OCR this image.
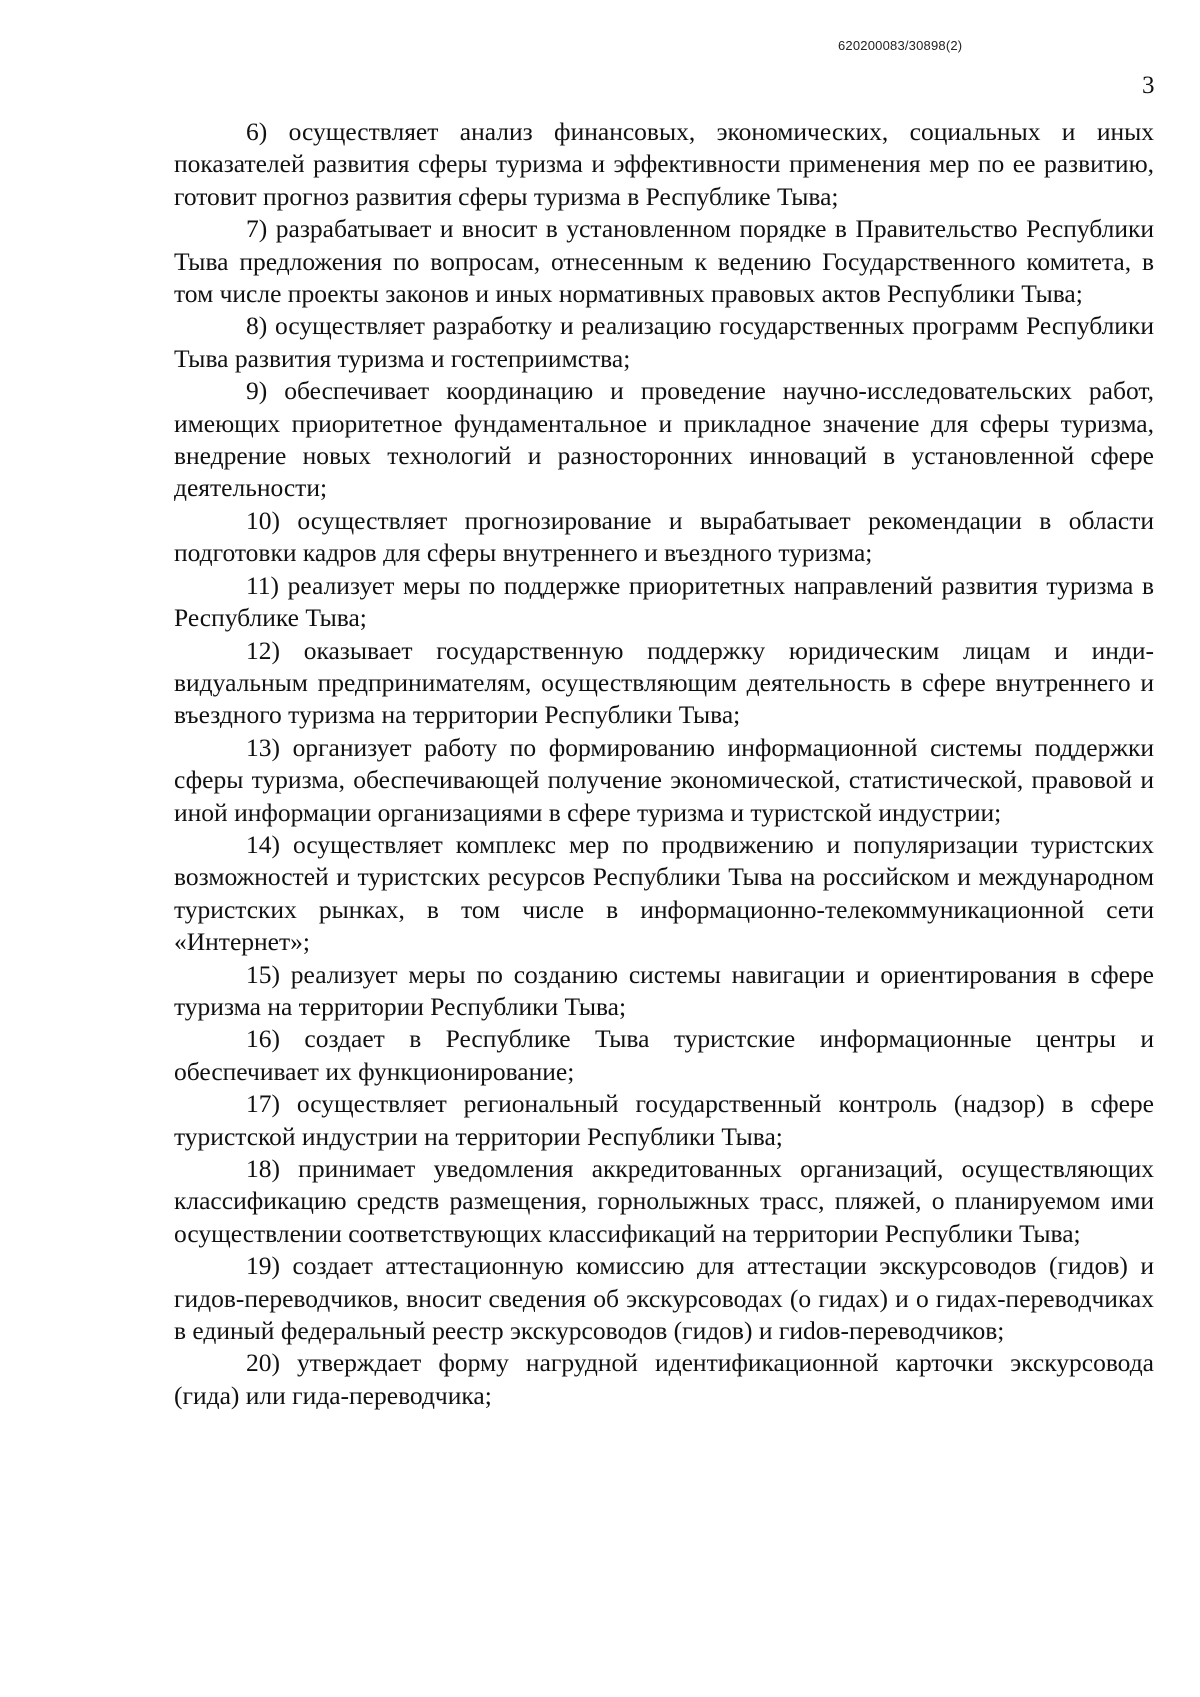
620200083/30898(2)
3

6) осуществляет анализ финансовых, экономических, социальных и иных показателей развития сферы туризма и эффективности применения мер по ее развитию, готовит прогноз развития сферы туризма в Республике Тыва;

7) разрабатывает и вносит в установленном порядке в Правительство Республики Тыва предложения по вопросам, отнесенным к ведению Государственного комитета, в том числе проекты законов и иных нормативных правовых актов Республики Тыва;

8) осуществляет разработку и реализацию государственных программ Республики Тыва развития туризма и гостеприимства;

9) обеспечивает координацию и проведение научно-исследовательских работ, имеющих приоритетное фундаментальное и прикладное значение для сферы туризма, внедрение новых технологий и разносторонних инноваций в установленной сфере деятельности;

10) осуществляет прогнозирование и вырабатывает рекомендации в области подготовки кадров для сферы внутреннего и въездного туризма;

11) реализует меры по поддержке приоритетных направлений развития туризма в Республике Тыва;

12) оказывает государственную поддержку юридическим лицам и индивидуальным предпринимателям, осуществляющим деятельность в сфере внутреннего и въездного туризма на территории Республики Тыва;

13) организует работу по формированию информационной системы поддержки сферы туризма, обеспечивающей получение экономической, статистической, правовой и иной информации организациями в сфере туризма и туристской индустрии;

14) осуществляет комплекс мер по продвижению и популяризации туристских возможностей и туристских ресурсов Республики Тыва на российском и международном туристских рынках, в том числе в информационно-телекоммуникационной сети «Интернет»;

15) реализует меры по созданию системы навигации и ориентирования в сфере туризма на территории Республики Тыва;

16) создает в Республике Тыва туристские информационные центры и обеспечивает их функционирование;

17) осуществляет региональный государственный контроль (надзор) в сфере туристской индустрии на территории Республики Тыва;

18) принимает уведомления аккредитованных организаций, осуществляющих классификацию средств размещения, горнолыжных трасс, пляжей, о планируемом ими осуществлении соответствующих классификаций на территории Республики Тыва;

19) создает аттестационную комиссию для аттестации экскурсоводов (гидов) и гидов-переводчиков, вносит сведения об экскурсоводах (о гидах) и о гидах-переводчиках в единый федеральный реестр экскурсоводов (гидов) и гиdов-переводчиков;

20) утверждает форму нагрудной идентификационной карточки экскурсовода (гида) или гида-переводчика;
